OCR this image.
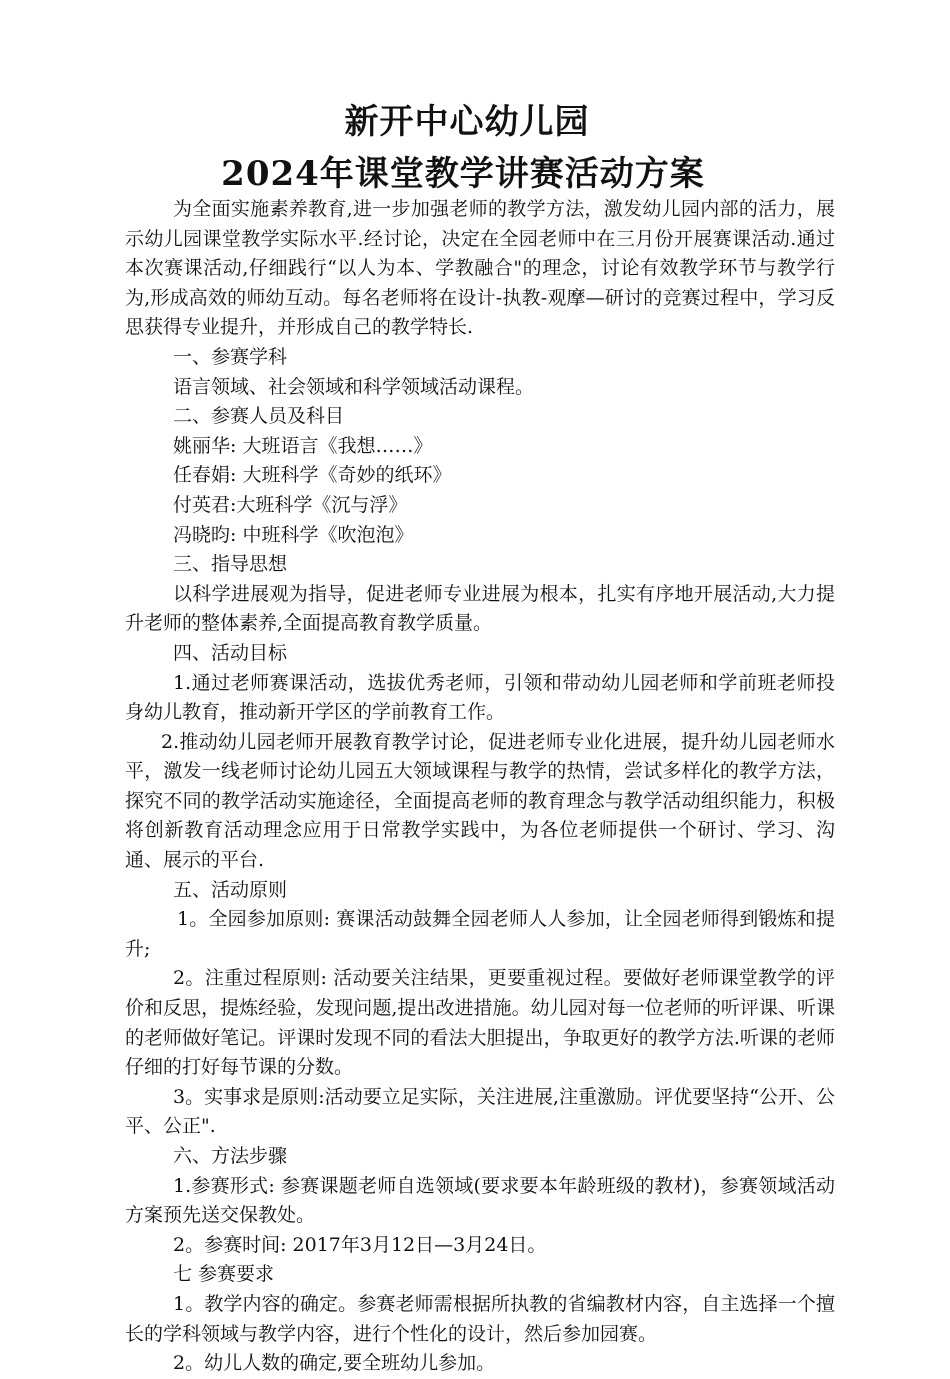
新开中心幼儿园
2024年课堂教学讲赛活动方案

为全面实施素养教育,进一步加强老师的教学方法，激发幼儿园内部的活力，展示幼儿园课堂教学实际水平.经讨论，决定在全园老师中在三月份开展赛课活动.通过本次赛课活动,仔细践行“以人为本、学教融合"的理念，讨论有效教学环节与教学行为,形成高效的师幼互动。每名老师将在设计-执教-观摩—研讨的竞赛过程中，学习反思获得专业提升，并形成自己的教学特长.

一、参赛学科

语言领域、社会领域和科学领域活动课程。

二、参赛人员及科目

姚丽华: 大班语言《我想……》

任春娟: 大班科学《奇妙的纸环》

付英君:大班科学《沉与浮》

冯晓昀: 中班科学《吹泡泡》

三、指导思想

以科学进展观为指导，促进老师专业进展为根本，扎实有序地开展活动,大力提升老师的整体素养,全面提高教育教学质量。

四、活动目标

1.通过老师赛课活动，选拔优秀老师，引领和带动幼儿园老师和学前班老师投身幼儿教育，推动新开学区的学前教育工作。

2.推动幼儿园老师开展教育教学讨论，促进老师专业化进展，提升幼儿园老师水平，激发一线老师讨论幼儿园五大领域课程与教学的热情，尝试多样化的教学方法，探究不同的教学活动实施途径，全面提高老师的教育理念与教学活动组织能力，积极将创新教育活动理念应用于日常教学实践中，为各位老师提供一个研讨、学习、沟通、展示的平台.

五、活动原则

1。全园参加原则: 赛课活动鼓舞全园老师人人参加，让全园老师得到锻炼和提升;

2。注重过程原则: 活动要关注结果，更要重视过程。要做好老师课堂教学的评价和反思，提炼经验，发现问题,提出改进措施。幼儿园对每一位老师的听评课、听课的老师做好笔记。评课时发现不同的看法大胆提出，争取更好的教学方法.听课的老师仔细的打好每节课的分数。

3。实事求是原则:活动要立足实际，关注进展,注重激励。评优要坚持“公开、公平、公正".

六、方法步骤

1.参赛形式: 参赛课题老师自选领域(要求要本年龄班级的教材)，参赛领域活动方案预先送交保教处。

2。参赛时间: 2017年3月12日—3月24日。

七 参赛要求

1。教学内容的确定。参赛老师需根据所执教的省编教材内容，自主选择一个擅长的学科领域与教学内容，进行个性化的设计，然后参加园赛。

2。幼儿人数的确定,要全班幼儿参加。
